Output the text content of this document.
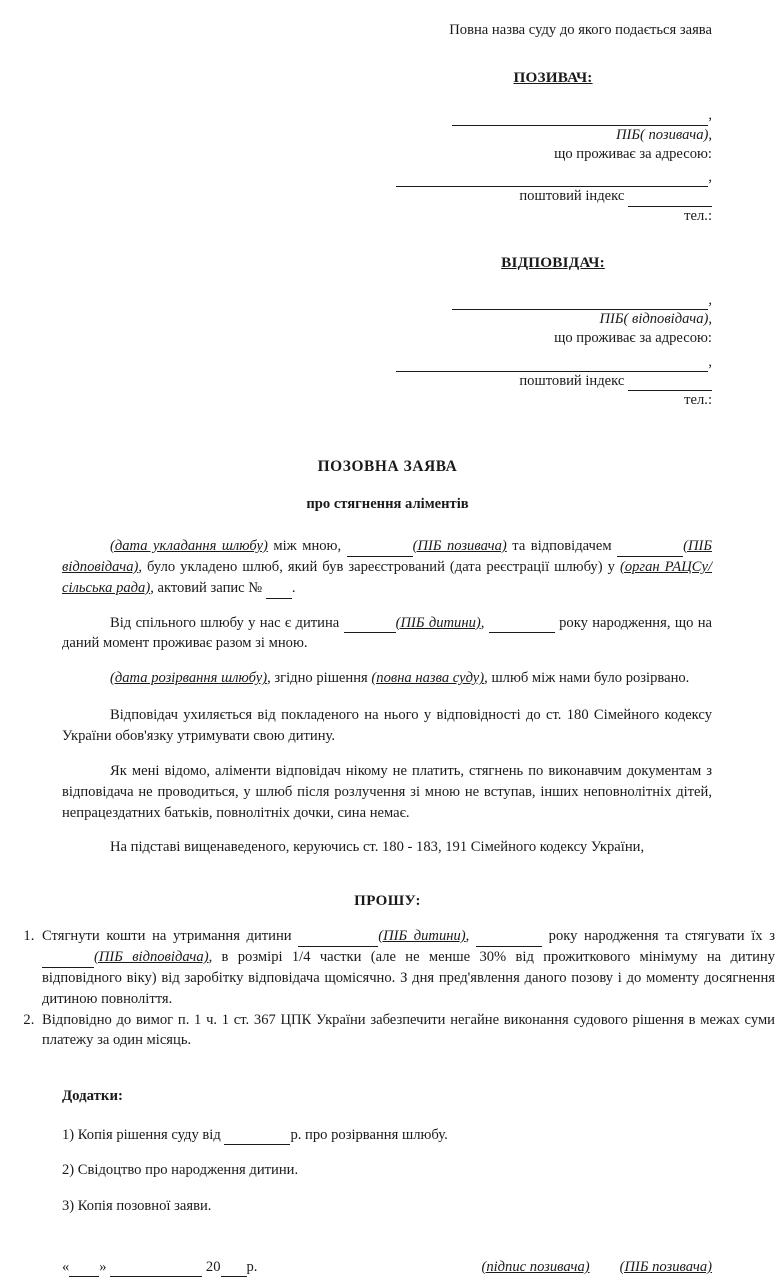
Повна назва суду до якого подається заява
ПОЗИВАЧ:
,
ПІБ( позивача),
що проживає за адресою:
,
поштовий індекс
тел.:
ВІДПОВІДАЧ:
,
ПІБ( відповідача),
що проживає за адресою:
,
поштовий індекс
тел.:
ПОЗОВНА ЗАЯВА
про стягнення аліментів

(дата укладання шлюбу) між мною,	(ПІБ позивача) та відповідачем	(ПІБ відповідача), було укладено шлюб, який був зареєстрований (дата реєстрації шлюбу) у (орган РАЦСу/сільська рада), актовий запис № .

Від спільного шлюбу у нас є дитина	(ПІБ дитини),	року народження, що на даний момент проживає разом зі мною.

(дата розірвання шлюбу), згідно рішення (повна назва суду), шлюб між нами було розірвано.

Відповідач ухиляється від покладеного на нього у відповідності до ст. 180 Сімейного кодексу України обов'язку утримувати свою дитину.

Як мені відомо, аліменти відповідач нікому не платить, стягнень по виконавчим документам з відповідача не проводиться, у шлюб після розлучення зі мною не вступав, інших неповнолітніх дітей, непрацездатних батьків, повнолітніх дочки, сина немає.

На підставі вищенаведеного, керуючись ст. 180 - 183, 191 Сімейного кодексу України,

ПРОШУ:
1. Стягнути кошти на утримання дитини	(ПІБ дитини),	року народження та стягувати їх з (ПІБ відповідача), в розмірі 1/4 частки (але не менше 30% від прожиткового мінімуму на дитину відповідного віку) від заробітку відповідача щомісячно. З дня пред'явлення даного позову і до моменту досягнення дитиною повноліття.
2. Відповідно до вимог п. 1 ч. 1 ст. 367 ЦПК України забезпечити негайне виконання судового рішення в межах суми платежу за один місяць.
Додатки:

1) Копія рішення суду від	р. про розірвання шлюбу.

2) Свідоцтво про народження дитини.

3) Копія позовної заяви.

« »	20 р.	(підпис позивача) (ПІБ позивача)
